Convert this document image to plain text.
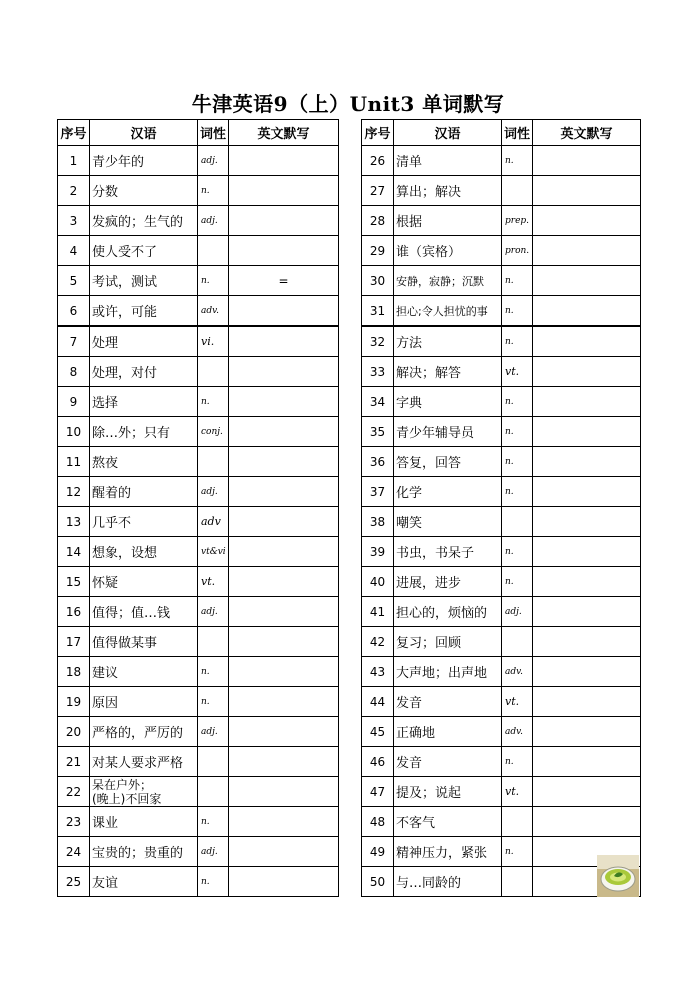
牛津英语9（上）Unit3 单词默写
序号	汉语	词性	英文默写
1	青少年的	adj.	
2	分数	n.	
3	发疯的；生气的	adj.	
4	使人受不了		
5	考试，测试	n.	=
6	或许，可能	adv.	
7	处理	vi.	
8	处理，对付		
9	选择	n.	
10	除…外；只有	conj.	
11	熬夜		
12	醒着的	adj.	
13	几乎不	adv	
14	想象，设想	vt&vi	
15	怀疑	vt.	
16	值得；值…钱	adj.	
17	值得做某事		
18	建议	n.	
19	原因	n.	
20	严格的，严厉的	adj.	
21	对某人要求严格		
22	呆在户外；
(晚上)不回家		
23	课业	n.	
24	宝贵的；贵重的	adj.	
25	友谊	n.	
序号	汉语	词性	英文默写
26	清单	n.	
27	算出；解决		
28	根据	prep.	
29	谁（宾格）	pron.	
30	安静，寂静；沉默	n.	
31	担心;令人担忧的事	n.	
32	方法	n.	
33	解决；解答	vt.	
34	字典	n.	
35	青少年辅导员	n.	
36	答复，回答	n.	
37	化学	n.	
38	嘲笑		
39	书虫，书呆子	n.	
40	进展，进步	n.	
41	担心的，烦恼的	adj.	
42	复习；回顾		
43	大声地；出声地	adv.	
44	发音	vt.	
45	正确地	adv.	
46	发音	n.	
47	提及；说起	vt.	
48	不客气		
49	精神压力，紧张	n.	
50	与…同龄的		
